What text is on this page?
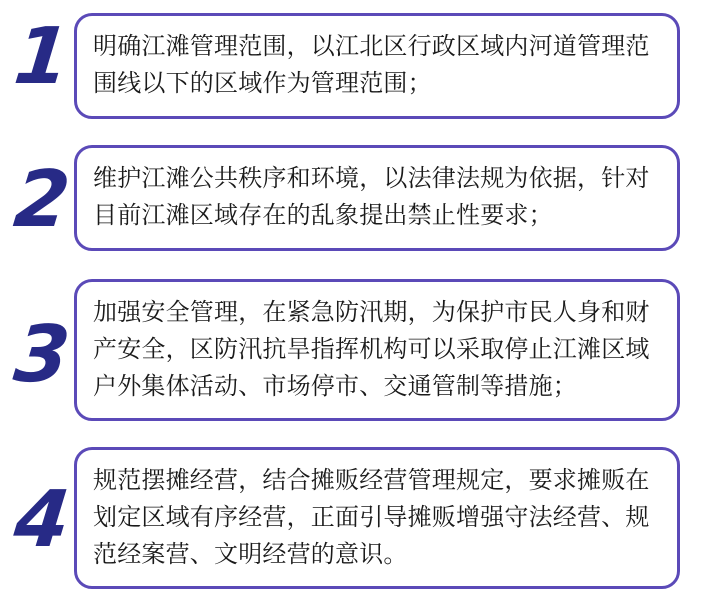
1 明确江滩管理范围，以江北区行政区域内河道管理范
围线以下的区域作为管理范围；
2 维护江滩公共秩序和环境，以法律法规为依据，针对
目前江滩区域存在的乱象提出禁止性要求；
3 加强安全管理，在紧急防汛期，为保护市民人身和财
产安全，区防汛抗旱指挥机构可以采取停止江滩区域
户外集体活动、市场停市、交通管制等措施；
4 规范摆摊经营，结合摊贩经营管理规定，要求摊贩在
划定区域有序经营，正面引导摊贩增强守法经营、规
范经案营、文明经营的意识。
